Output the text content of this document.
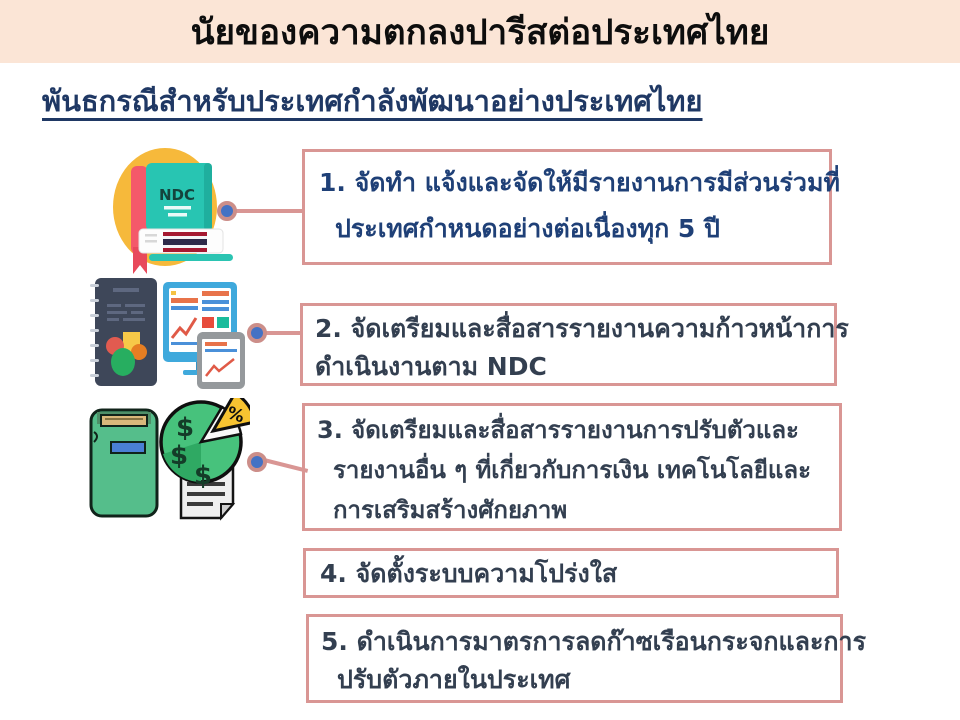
นัยของความตกลงปารีสต่อประเทศไทย
พันธกรณีสำหรับประเทศกำลังพัฒนาอย่างประเทศไทย
NDC
%
$
$
$
1. จัดทำ แจ้งและจัดให้มีรายงานการมีส่วนร่วมที่
ประเทศกำหนดอย่างต่อเนื่องทุก 5 ปี
2. จัดเตรียมและสื่อสารรายงานความก้าวหน้าการ
ดำเนินงานตาม NDC
3. จัดเตรียมและสื่อสารรายงานการปรับตัวและ
รายงานอื่น ๆ ที่เกี่ยวกับการเงิน เทคโนโลยีและ
การเสริมสร้างศักยภาพ
4. จัดตั้งระบบความโปร่งใส
5. ดำเนินการมาตรการลดก๊าซเรือนกระจกและการ
ปรับตัวภายในประเทศ
